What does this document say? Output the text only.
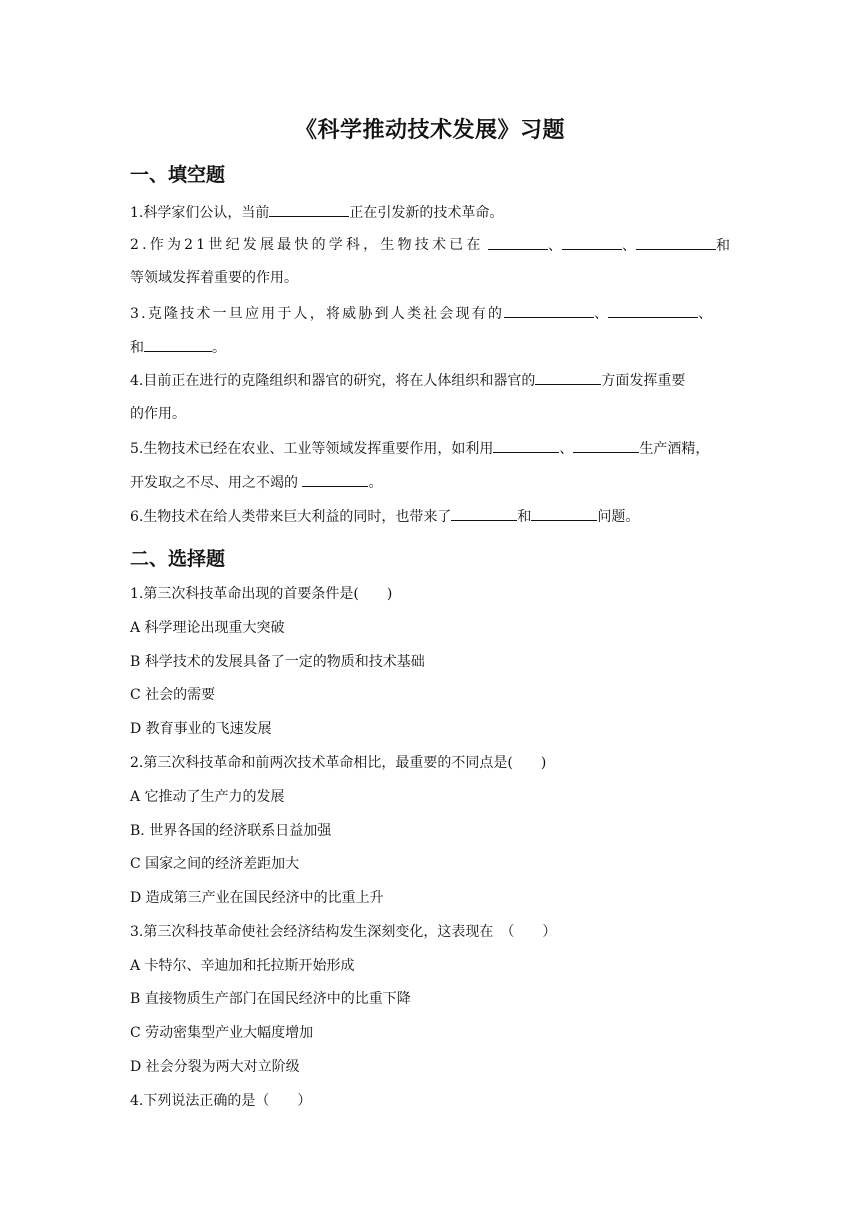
《科学推动技术发展》习题
一、填空题
1.科学家们公认，当前	正在引发新的技术革命。
2.作为21世纪发展最快的学科，生物技术已在	、	、	和
等领域发挥着重要的作用。
3.克隆技术一旦应用于人，将威胁到人类社会现有的	、	、
和	。
4.目前正在进行的克隆组织和器官的研究，将在人体组织和器官的	方面发挥重要
的作用。
5.生物技术已经在农业、工业等领域发挥重要作用，如利用	、	生产酒精，
开发取之不尽、用之不竭的	。
6.生物技术在给人类带来巨大利益的同时，也带来了	和	问题。
二、选择题
1.第三次科技革命出现的首要条件是(　　)
A 科学理论出现重大突破
B 科学技术的发展具备了一定的物质和技术基础
C 社会的需要
D 教育事业的飞速发展
2.第三次科技革命和前两次技术革命相比，最重要的不同点是(　　)
A 它推动了生产力的发展
B. 世界各国的经济联系日益加强
C 国家之间的经济差距加大
D 造成第三产业在国民经济中的比重上升
3.第三次科技革命使社会经济结构发生深刻变化，这表现在　（　　）
A 卡特尔、辛迪加和托拉斯开始形成
B 直接物质生产部门在国民经济中的比重下降
C 劳动密集型产业大幅度增加
D 社会分裂为两大对立阶级
4.下列说法正确的是（　　）
